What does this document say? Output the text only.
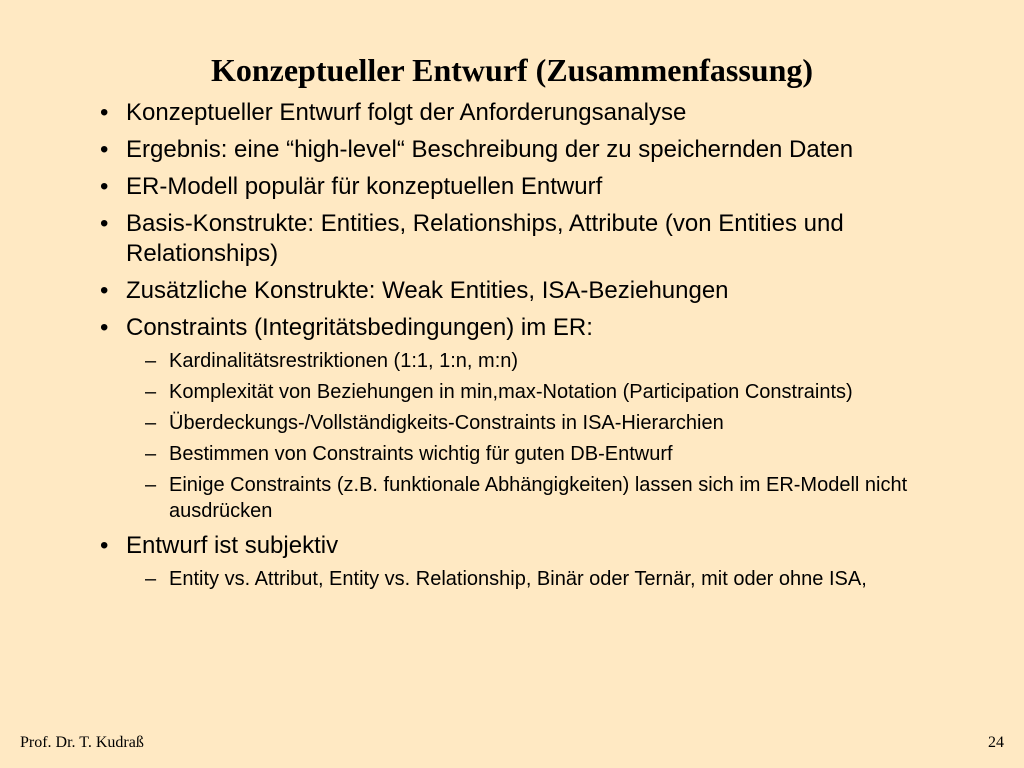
Konzeptueller Entwurf (Zusammenfassung)
• Konzeptueller Entwurf folgt der Anforderungsanalyse
• Ergebnis: eine “high-level“ Beschreibung der zu speichernden Daten
• ER-Modell populär für konzeptuellen Entwurf
• Basis-Konstrukte: Entities, Relationships, Attribute (von Entities und Relationships)
• Zusätzliche Konstrukte: Weak Entities, ISA-Beziehungen
• Constraints (Integritätsbedingungen) im ER:
– Kardinalitätsrestriktionen (1:1, 1:n, m:n)
– Komplexität von Beziehungen in min,max-Notation (Participation Constraints)
– Überdeckungs-/Vollständigkeits-Constraints in ISA-Hierarchien
– Bestimmen von Constraints wichtig für guten DB-Entwurf
– Einige Constraints (z.B. funktionale Abhängigkeiten) lassen sich im ER-Modell nicht ausdrücken
• Entwurf ist subjektiv
– Entity vs. Attribut, Entity vs. Relationship, Binär oder Ternär, mit oder ohne ISA,
Prof. Dr. T. Kudraß	24
